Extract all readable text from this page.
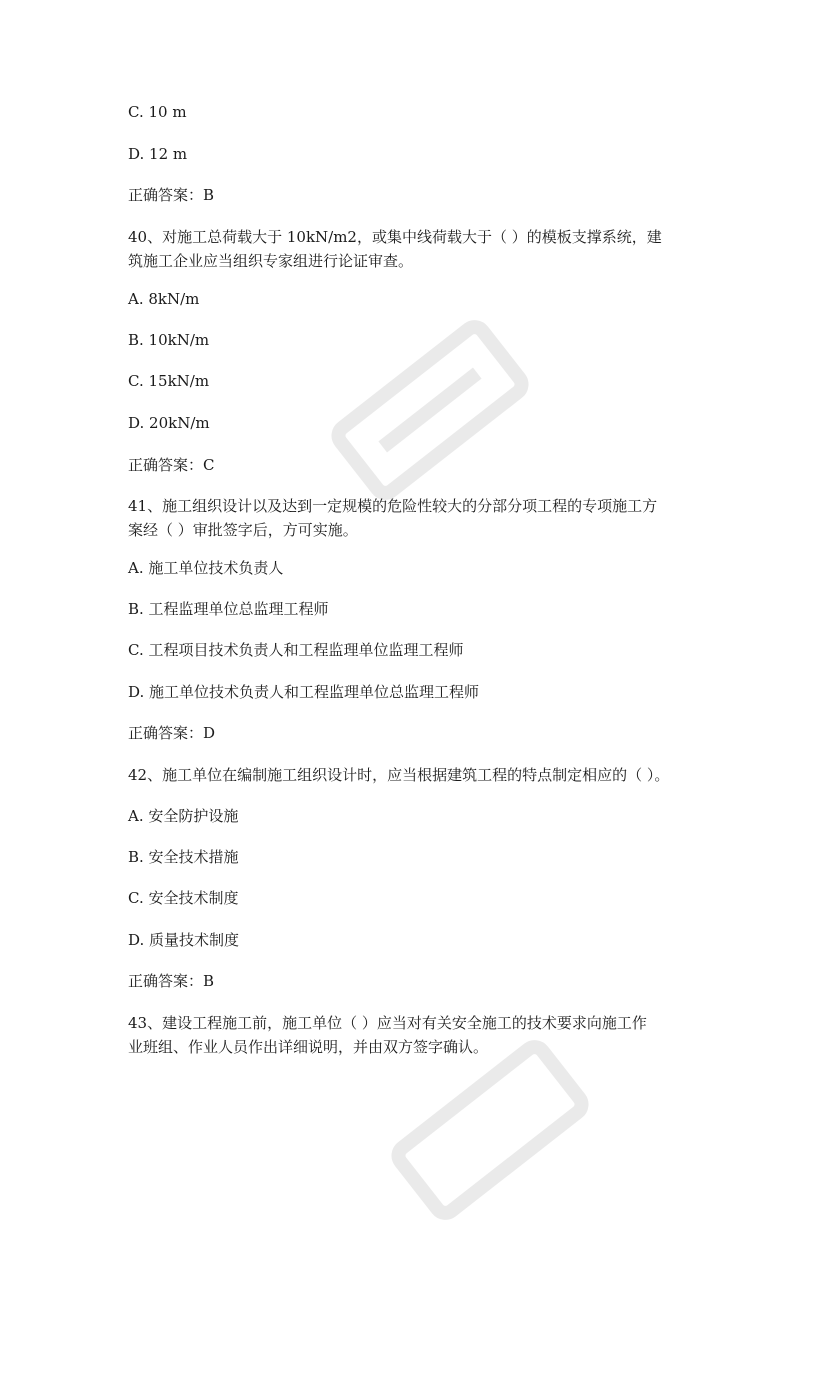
C. 10 m
D. 12 m
正确答案：B
40、对施工总荷载大于 10kN/m2，或集中线荷载大于（ ）的模板支撑系统，建
筑施工企业应当组织专家组进行论证审查。
A. 8kN/m
B. 10kN/m
C. 15kN/m
D. 20kN/m
正确答案：C
41、施工组织设计以及达到一定规模的危险性较大的分部分项工程的专项施工方
案经（ ）审批签字后，方可实施。
A. 施工单位技术负责人
B. 工程监理单位总监理工程师
C. 工程项目技术负责人和工程监理单位监理工程师
D. 施工单位技术负责人和工程监理单位总监理工程师
正确答案：D
42、施工单位在编制施工组织设计时，应当根据建筑工程的特点制定相应的（ ）。
A. 安全防护设施
B. 安全技术措施
C. 安全技术制度
D. 质量技术制度
正确答案：B
43、建设工程施工前，施工单位（ ）应当对有关安全施工的技术要求向施工作
业班组、作业人员作出详细说明，并由双方签字确认。
